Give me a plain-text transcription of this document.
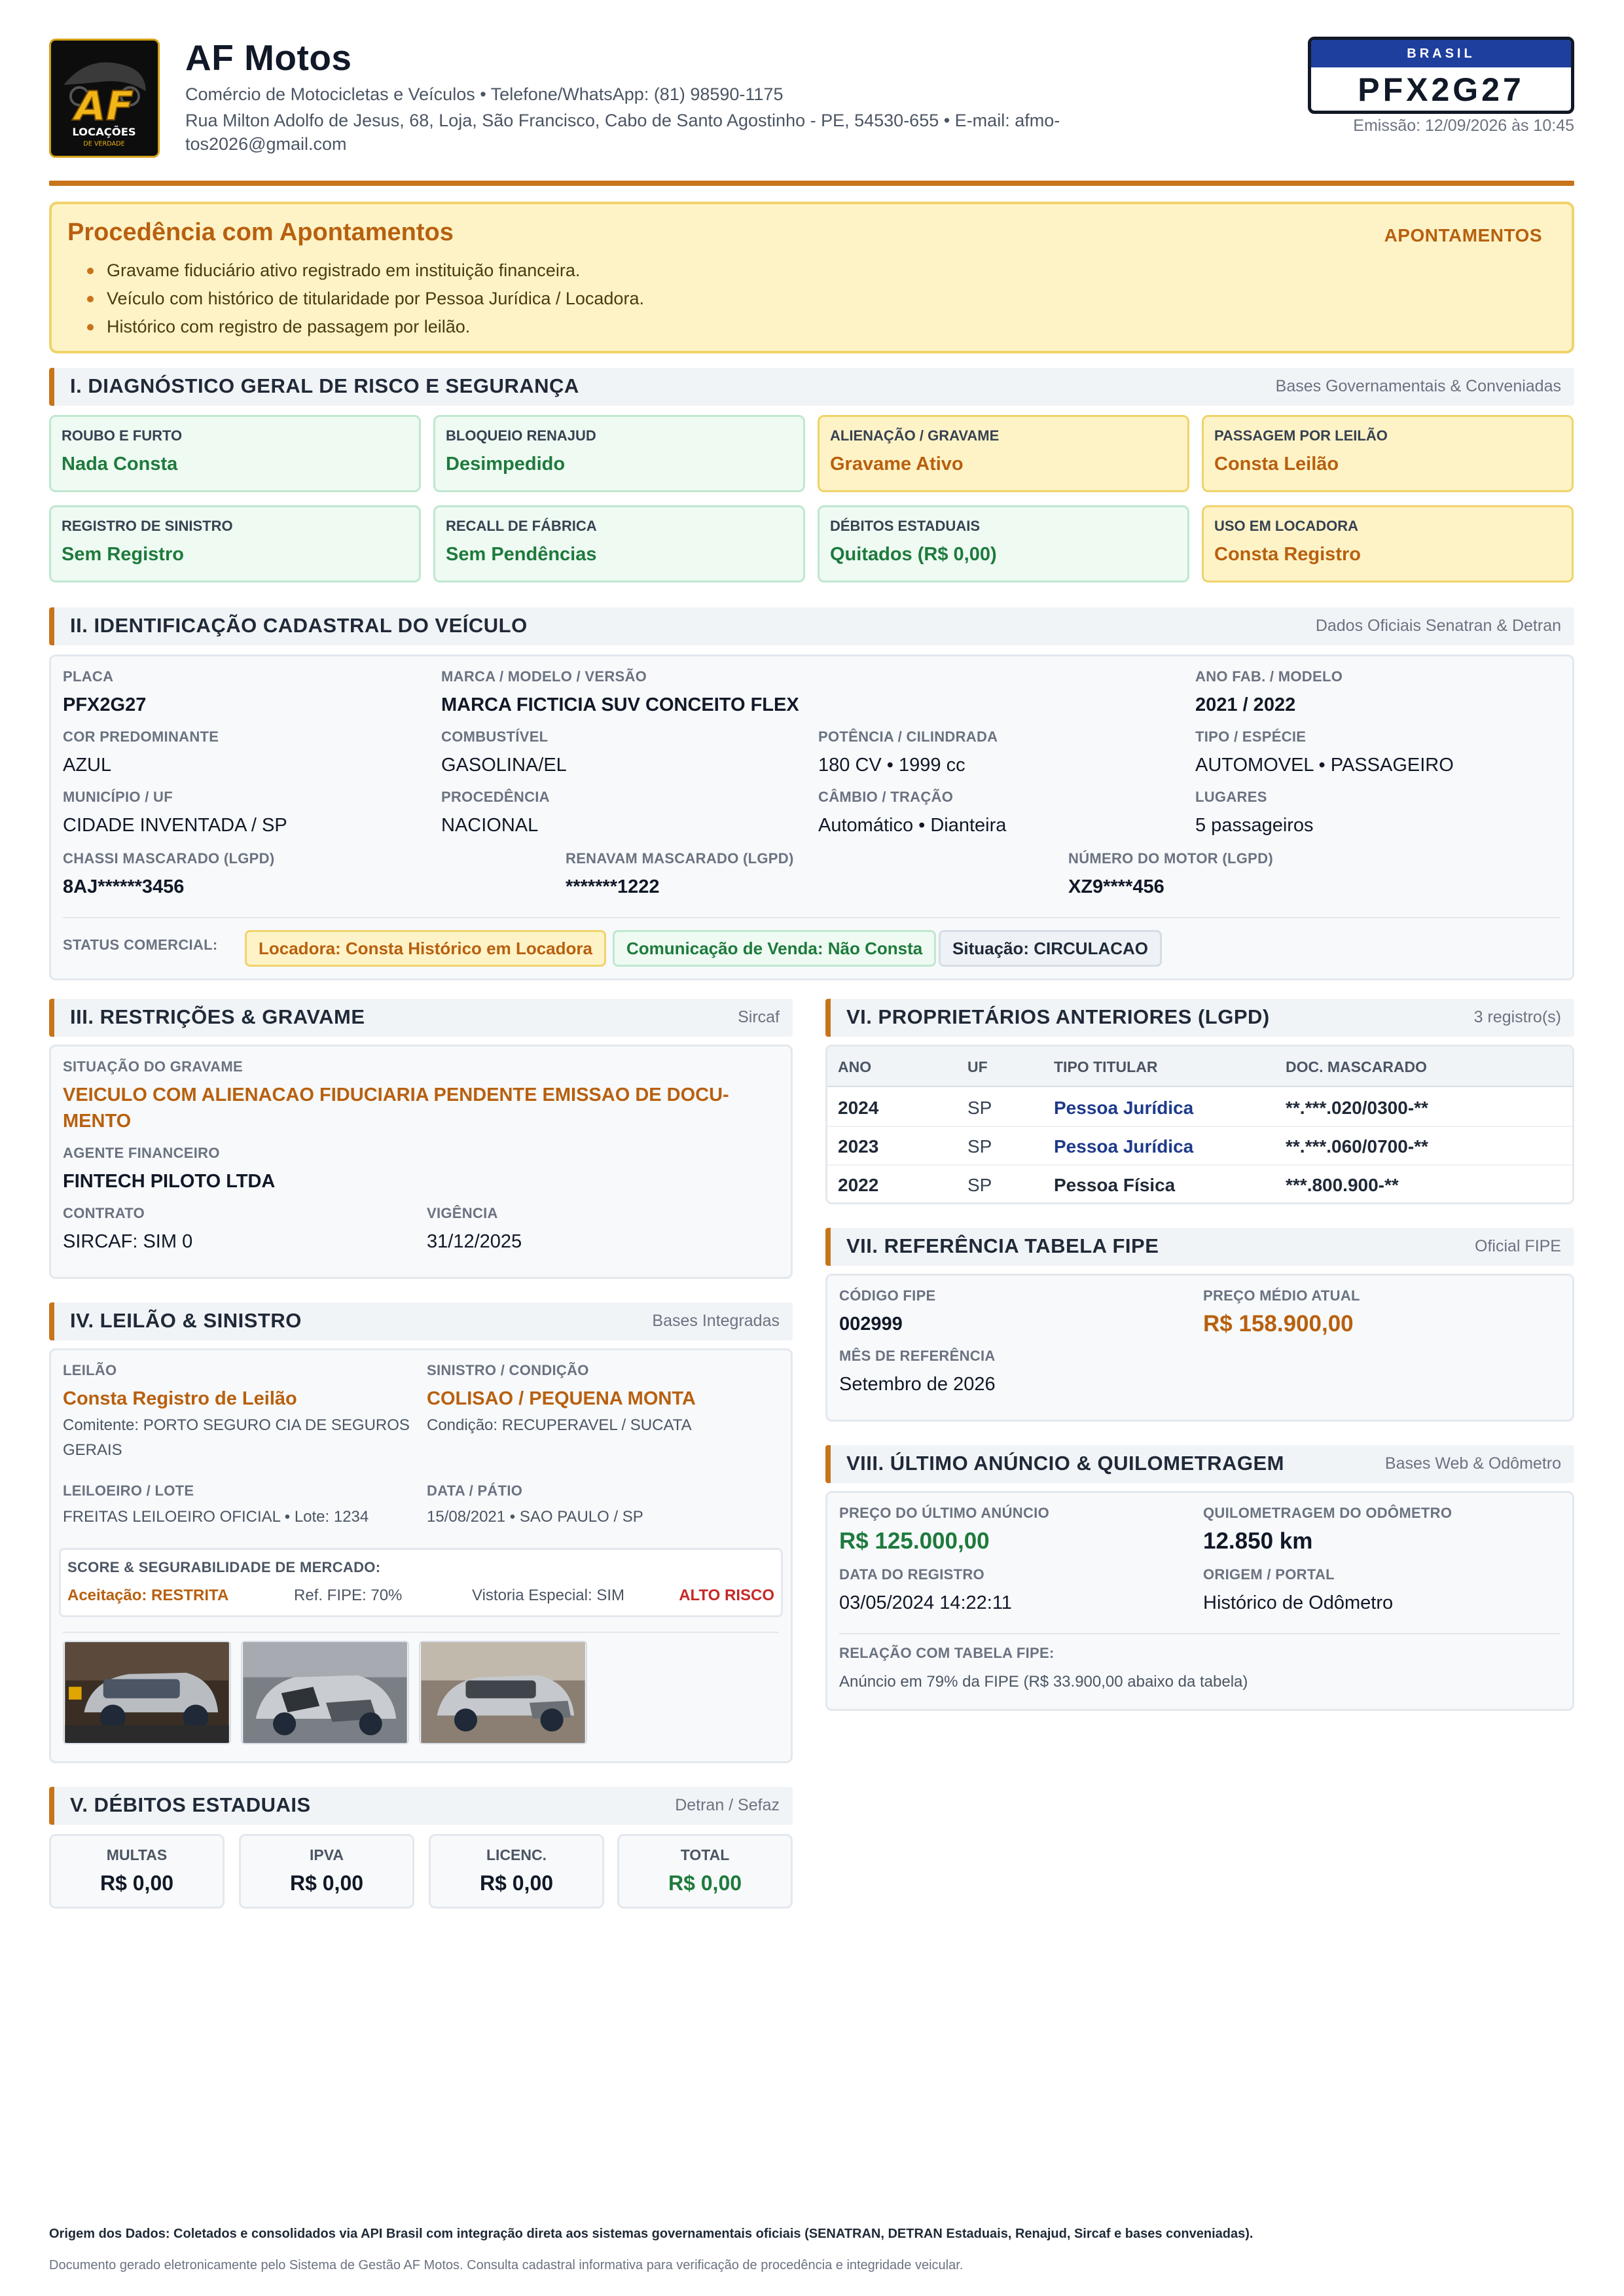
AF
LOCAÇÕES
DE VERDADE
AF Motos
Comércio de Motocicletas e Veículos • Telefone/WhatsApp: (81) 98590-1175
Rua Milton Adolfo de Jesus, 68, Loja, São Francisco, Cabo de Santo Agostinho - PE, 54530-655 • E-mail: afmo-
tos2026@gmail.com
BRASIL
PFX2G27
Emissão: 12/09/2026 às 10:45
Procedência com Apontamentos	APONTAMENTOS
Gravame fiduciário ativo registrado em instituição financeira.
Veículo com histórico de titularidade por Pessoa Jurídica / Locadora.
Histórico com registro de passagem por leilão.
I. DIAGNÓSTICO GERAL DE RISCO E SEGURANÇA	Bases Governamentais & Conveniadas
ROUBO E FURTO
Nada Consta
BLOQUEIO RENAJUD
Desimpedido
ALIENAÇÃO / GRAVAME
Gravame Ativo
PASSAGEM POR LEILÃO
Consta Leilão
REGISTRO DE SINISTRO
Sem Registro
RECALL DE FÁBRICA
Sem Pendências
DÉBITOS ESTADUAIS
Quitados (R$ 0,00)
USO EM LOCADORA
Consta Registro
II. IDENTIFICAÇÃO CADASTRAL DO VEÍCULO	Dados Oficiais Senatran & Detran
PLACA
PFX2G27
MARCA / MODELO / VERSÃO
MARCA FICTICIA SUV CONCEITO FLEX
ANO FAB. / MODELO
2021 / 2022
COR PREDOMINANTE
AZUL
COMBUSTÍVEL
GASOLINA/EL
POTÊNCIA / CILINDRADA
180 CV • 1999 cc
TIPO / ESPÉCIE
AUTOMOVEL • PASSAGEIRO
MUNICÍPIO / UF
CIDADE INVENTADA / SP
PROCEDÊNCIA
NACIONAL
CÂMBIO / TRAÇÃO
Automático • Dianteira
LUGARES
5 passageiros
CHASSI MASCARADO (LGPD)
8AJ******3456
RENAVAM MASCARADO (LGPD)
*******1222
NÚMERO DO MOTOR (LGPD)
XZ9****456
STATUS COMERCIAL:	Locadora: Consta Histórico em Locadora	Comunicação de Venda: Não Consta	Situação: CIRCULACAO
III. RESTRIÇÕES & GRAVAME	Sircaf
SITUAÇÃO DO GRAVAME
VEICULO COM ALIENACAO FIDUCIARIA PENDENTE EMISSAO DE DOCU-
MENTO
AGENTE FINANCEIRO
FINTECH PILOTO LTDA
CONTRATO
SIRCAF: SIM 0
VIGÊNCIA
31/12/2025
IV. LEILÃO & SINISTRO	Bases Integradas
LEILÃO
Consta Registro de Leilão
Comitente: PORTO SEGURO CIA DE SEGUROS
GERAIS
SINISTRO / CONDIÇÃO
COLISAO / PEQUENA MONTA
Condição: RECUPERAVEL / SUCATA
LEILOEIRO / LOTE
FREITAS LEILOEIRO OFICIAL • Lote: 1234
DATA / PÁTIO
15/08/2021 • SAO PAULO / SP
SCORE & SEGURABILIDADE DE MERCADO:
Aceitação: RESTRITA	Ref. FIPE: 70%	Vistoria Especial: SIM	ALTO RISCO
V. DÉBITOS ESTADUAIS	Detran / Sefaz
MULTAS
R$ 0,00
IPVA
R$ 0,00
LICENC.
R$ 0,00
TOTAL
R$ 0,00
VI. PROPRIETÁRIOS ANTERIORES (LGPD)	3 registro(s)
ANO	UF	TIPO TITULAR	DOC. MASCARADO
2024	SP	Pessoa Jurídica	**.***.020/0300-**
2023	SP	Pessoa Jurídica	**.***.060/0700-**
2022	SP	Pessoa Física	***.800.900-**
VII. REFERÊNCIA TABELA FIPE	Oficial FIPE
CÓDIGO FIPE
002999
PREÇO MÉDIO ATUAL
R$ 158.900,00
MÊS DE REFERÊNCIA
Setembro de 2026
VIII. ÚLTIMO ANÚNCIO & QUILOMETRAGEM	Bases Web & Odômetro
PREÇO DO ÚLTIMO ANÚNCIO
R$ 125.000,00
QUILOMETRAGEM DO ODÔMETRO
12.850 km
DATA DO REGISTRO
03/05/2024 14:22:11
ORIGEM / PORTAL
Histórico de Odômetro
RELAÇÃO COM TABELA FIPE:
Anúncio em 79% da FIPE (R$ 33.900,00 abaixo da tabela)
Origem dos Dados: Coletados e consolidados via API Brasil com integração direta aos sistemas governamentais oficiais (SENATRAN, DETRAN Estaduais, Renajud, Sircaf e bases conveniadas).
Documento gerado eletronicamente pelo Sistema de Gestão AF Motos. Consulta cadastral informativa para verificação de procedência e integridade veicular.
